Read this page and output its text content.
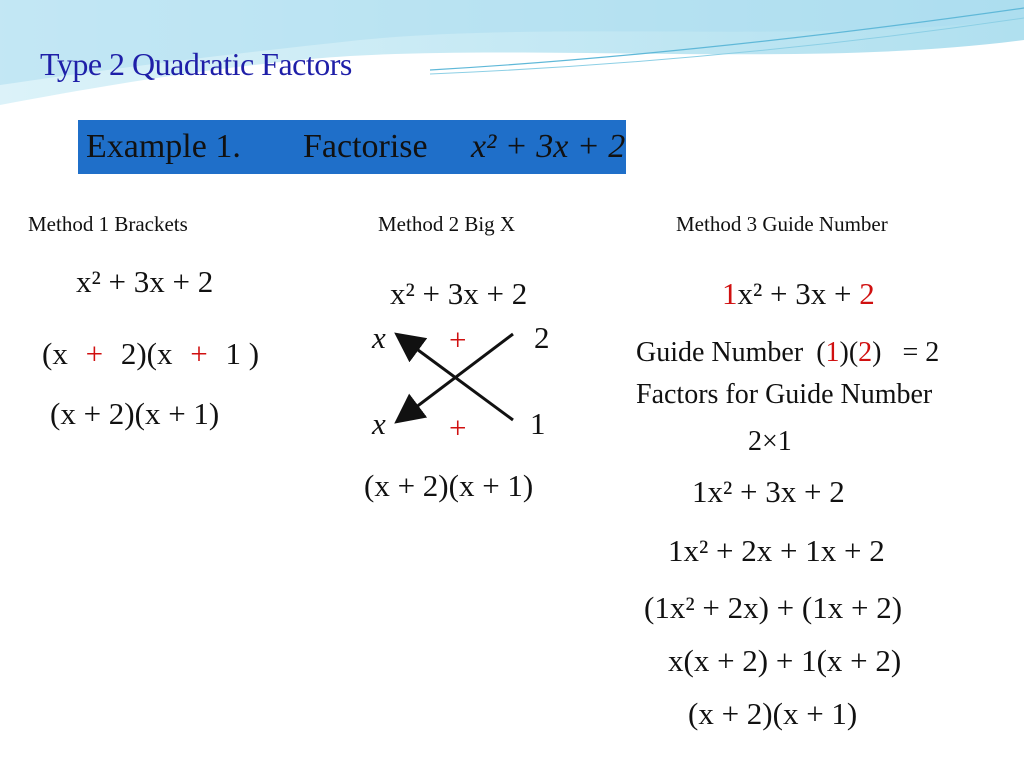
Type 2 Quadratic Factors
Example 1. Factorise x² + 3x + 2
Method 1 Brackets
x² + 3x + 2
(x + 2)(x + 1 )
(x + 2)(x + 1)
Method 2 Big X
x² + 3x + 2
x + 2
x + 1
(x + 2)(x + 1)
Method 3 Guide Number
1x² + 3x + 2
Guide Number (1)(2) = 2
Factors for Guide Number
2×1
1x² + 3x + 2
1x² + 2x + 1x + 2
(1x² + 2x) + (1x + 2)
x(x + 2) + 1(x + 2)
(x + 2)(x + 1)
